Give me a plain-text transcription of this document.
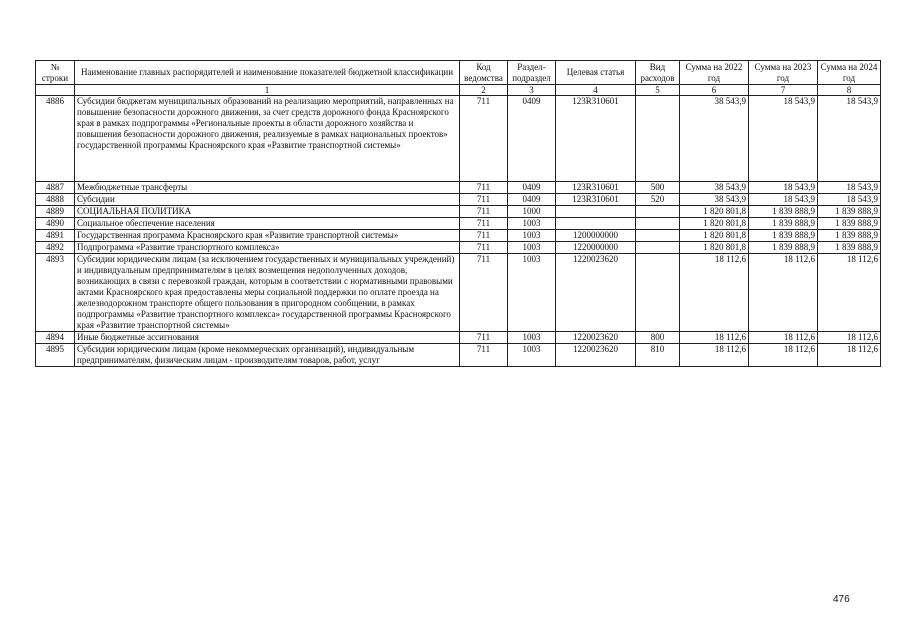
№ строки	Наименование главных распорядителей и наименование показателей бюджетной классификации	Код ведомства	Раздел-подраздел	Целевая статья	Вид расходов	Сумма на 2022 год	Сумма на 2023 год	Сумма на 2024 год
	1	2	3	4	5	6	7	8
4886	Субсидии бюджетам муниципальных образований на реализацию мероприятий, направленных на повышение безопасности дорожного движения, за счет средств дорожного фонда Красноярского края в рамках подпрограммы «Региональные проекты в области дорожного хозяйства и повышения безопасности дорожного движения, реализуемые в рамках национальных проектов» государственной программы Красноярского края «Развитие транспортной системы»	711	0409	123R310601		38 543,9	18 543,9	18 543,9
4887	Межбюджетные трансферты	711	0409	123R310601	500	38 543,9	18 543,9	18 543,9
4888	Субсидии	711	0409	123R310601	520	38 543,9	18 543,9	18 543,9
4889	СОЦИАЛЬНАЯ ПОЛИТИКА	711	1000			1 820 801,8	1 839 888,9	1 839 888,9
4890	Социальное обеспечение населения	711	1003			1 820 801,8	1 839 888,9	1 839 888,9
4891	Государственная программа Красноярского края «Развитие транспортной системы»	711	1003	1200000000		1 820 801,8	1 839 888,9	1 839 888,9
4892	Подпрограмма «Развитие транспортного комплекса»	711	1003	1220000000		1 820 801,8	1 839 888,9	1 839 888,9
4893	Субсидии юридическим лицам (за исключением государственных и муниципальных учреждений) и индивидуальным предпринимателям в целях возмещения недополученных доходов, возникающих в связи с перевозкой граждан, которым в соответствии с нормативными правовыми актами Красноярского края предоставлены меры социальной поддержки по оплате проезда на железнодорожном транспорте общего пользования в пригородном сообщении, в рамках подпрограммы «Развитие транспортного комплекса» государственной программы Красноярского края «Развитие транспортной системы»	711	1003	1220023620		18 112,6	18 112,6	18 112,6
4894	Иные бюджетные ассигнования	711	1003	1220023620	800	18 112,6	18 112,6	18 112,6
4895	Субсидии юридическим лицам (кроме некоммерческих организаций), индивидуальным предпринимателям, физическим лицам - производителям товаров, работ, услуг	711	1003	1220023620	810	18 112,6	18 112,6	18 112,6
476
